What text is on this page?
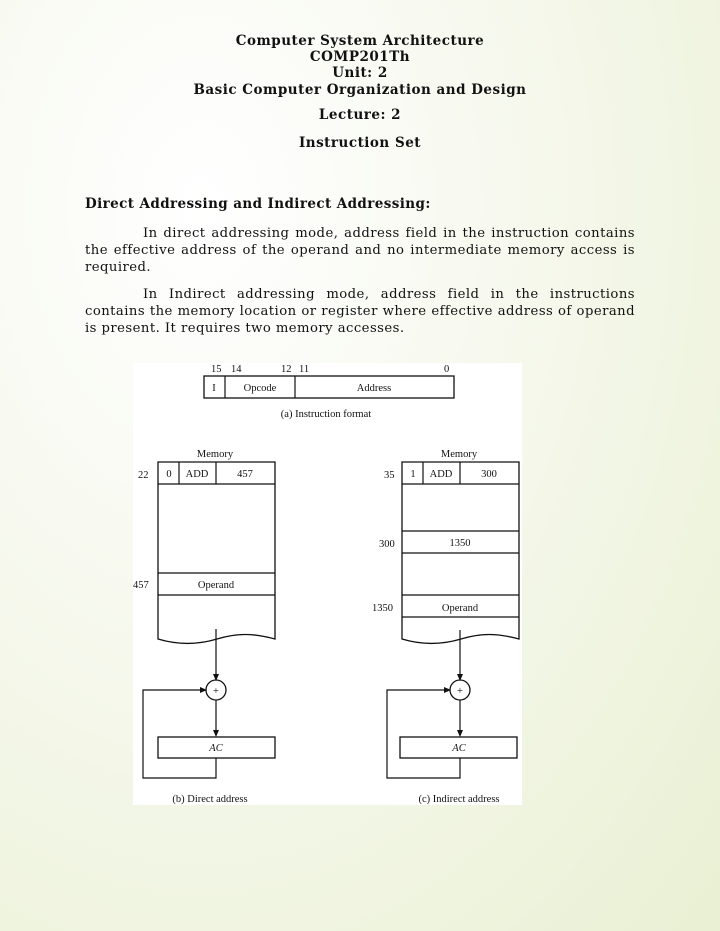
Computer System Architecture
COMP201Th
Unit: 2
Basic Computer Organization and Design
Lecture: 2
Instruction Set
Direct Addressing and Indirect Addressing:

In direct addressing mode, address field in the instruction contains the effective address of the operand and no intermediate memory access is required.

In Indirect addressing mode, address field in the instructions contains the memory location or register where effective address of operand is present. It requires two memory accesses.

15 14	12 11	0
I	Opcode	Address
(a) Instruction format
Memory
22 0 ADD	457
457	Operand
+
AC
(b) Direct address
Memory
35 1 ADD	300
300	1350
1350	Operand
+
AC
(c) Indirect address
